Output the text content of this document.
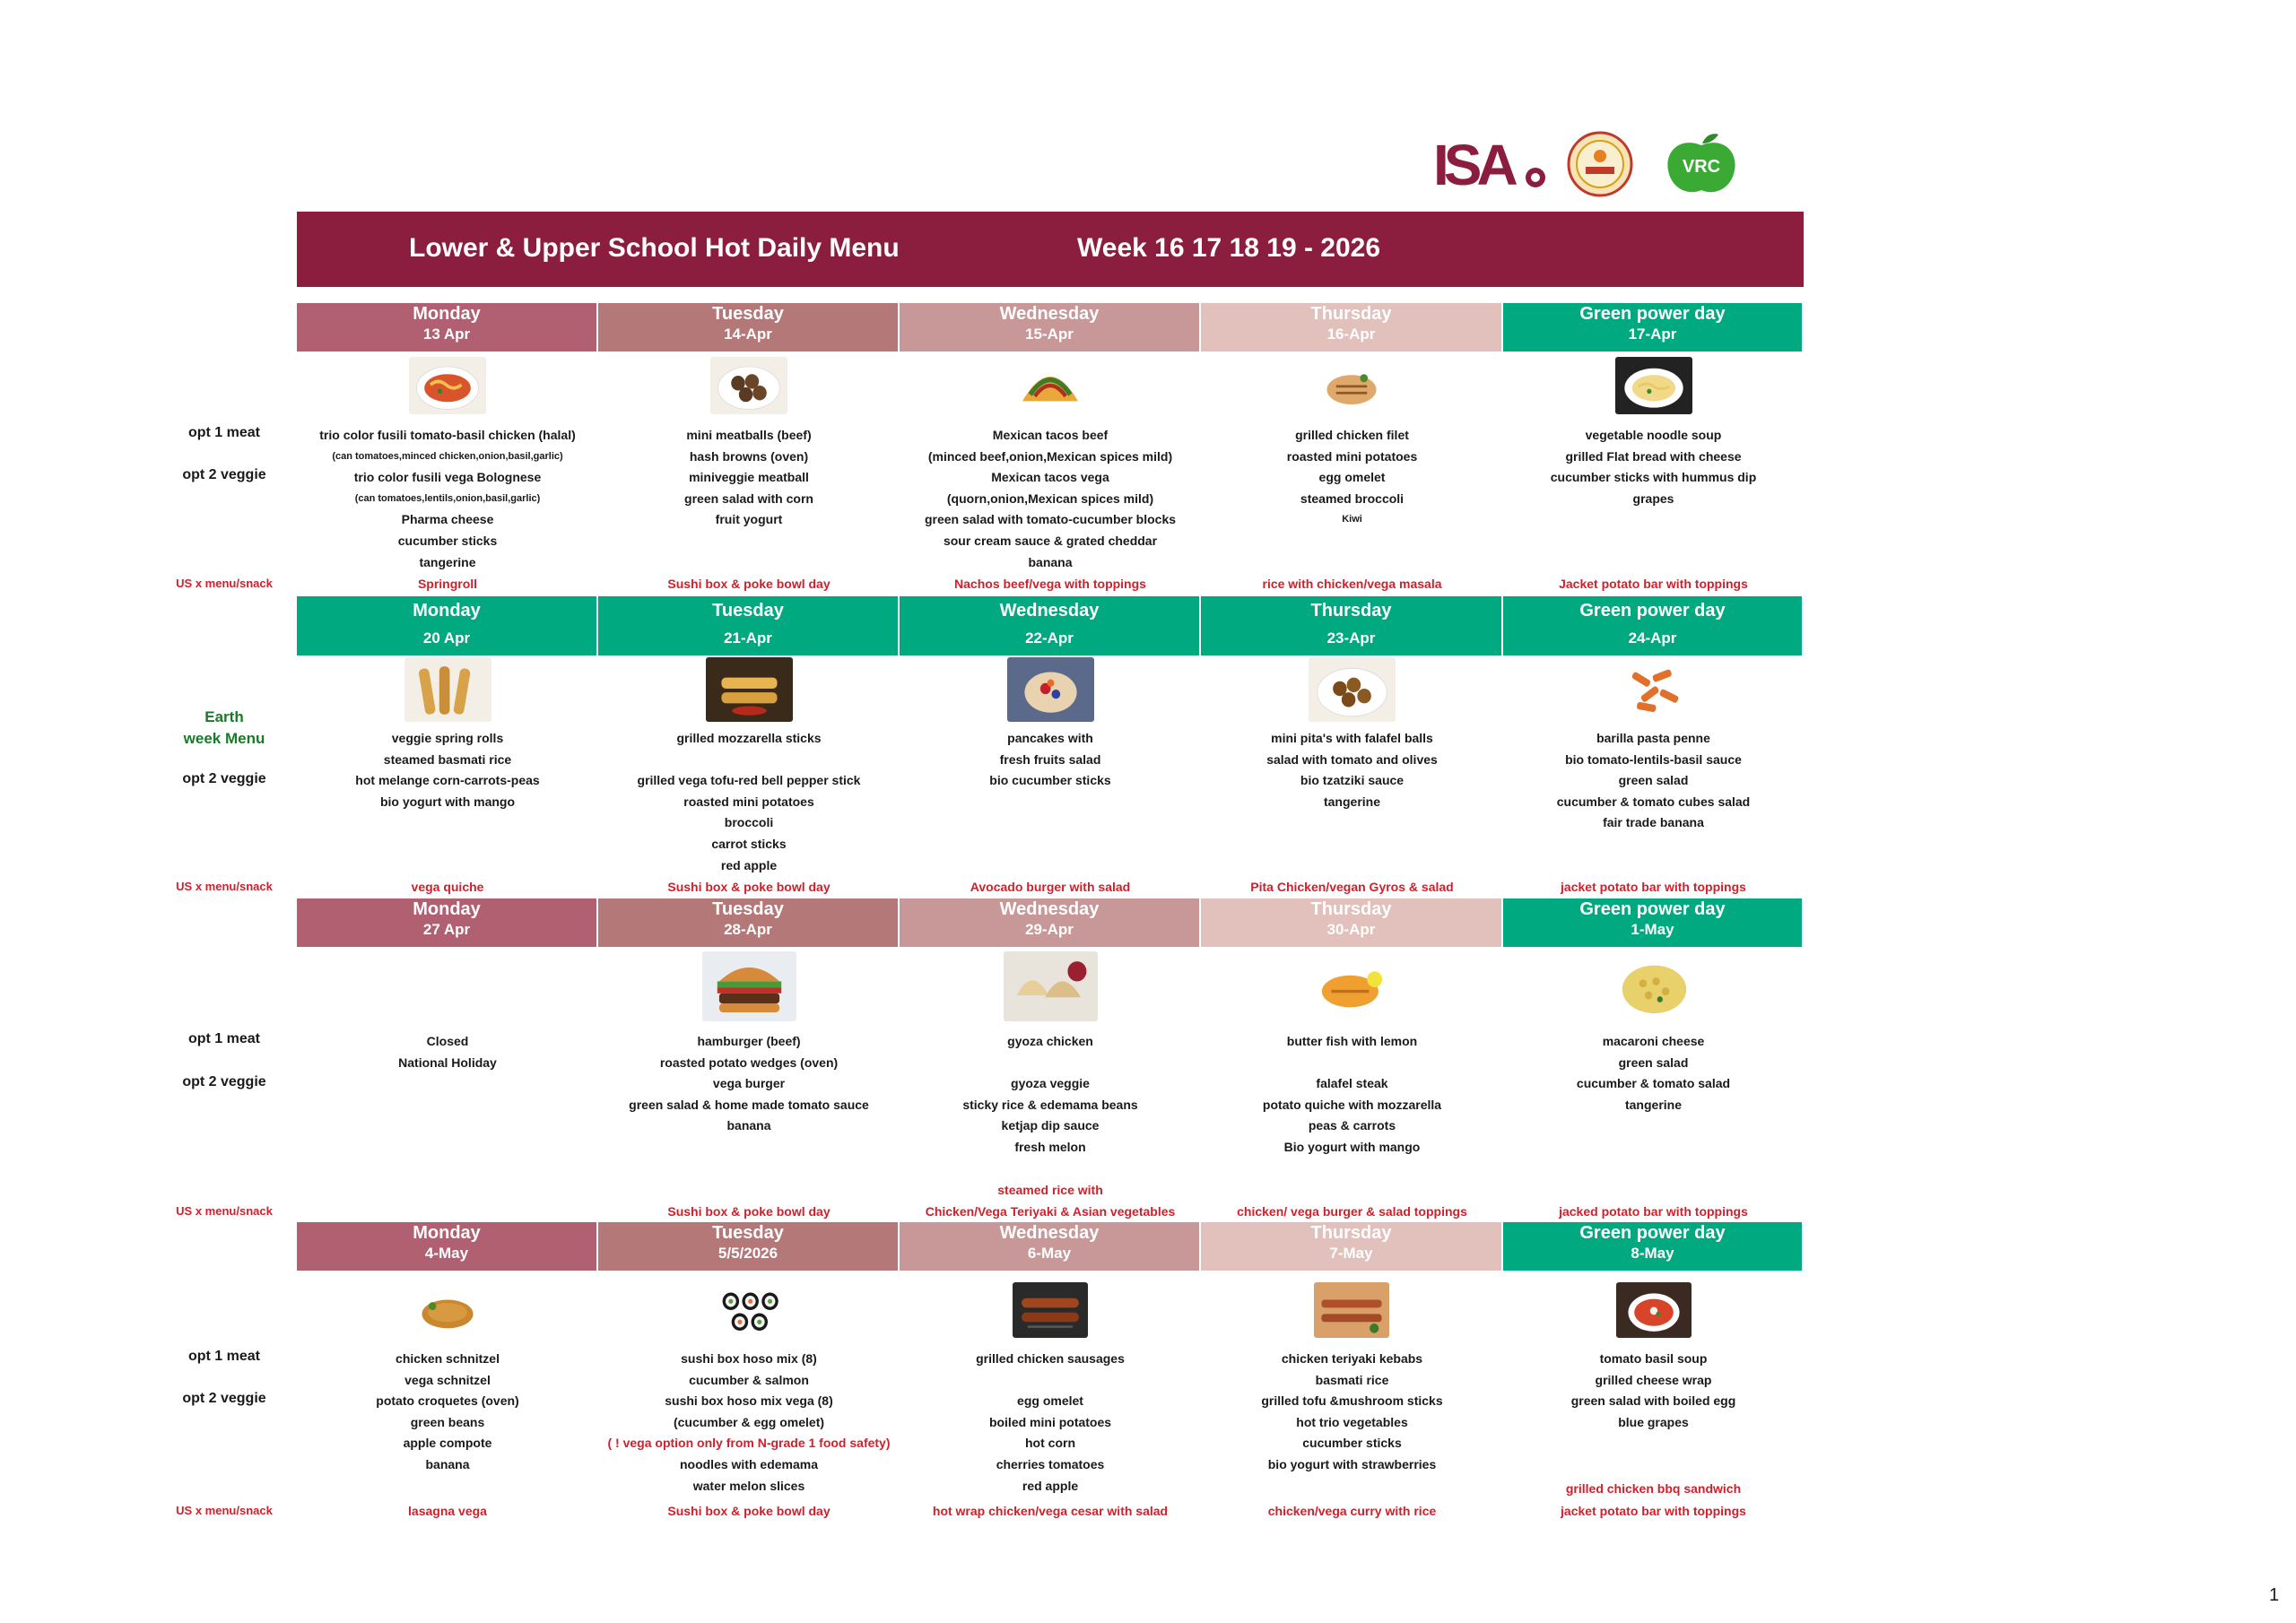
ISA	VRC
Lower & Upper School Hot Daily Menu	Week 16 17 18 19 - 2026
opt 1 meat
opt 2 veggie
US x menu/snack
Earth
week Menu
opt 2 veggie
US x menu/snack
opt 1 meat
opt 2 veggie
US x menu/snack
opt 1 meat
opt 2 veggie
US x menu/snack
Monday
13 Apr
trio color fusili tomato-basil chicken (halal)
(can tomatoes,minced chicken,onion,basil,garlic)
trio color fusili vega Bolognese
(can tomatoes,lentils,onion,basil,garlic)
Pharma cheese
cucumber sticks
tangerine
Springroll
Tuesday
14-Apr
mini meatballs (beef)
hash browns (oven)
miniveggie meatball
green salad with corn
fruit yogurt
Sushi box & poke bowl day
Wednesday
15-Apr
Mexican tacos beef
(minced beef,onion,Mexican spices mild)
Mexican tacos vega
(quorn,onion,Mexican spices mild)
green salad with tomato-cucumber blocks
sour cream sauce & grated cheddar
banana
Nachos beef/vega with toppings
Thursday
16-Apr
grilled chicken filet
roasted mini potatoes
egg omelet
steamed broccoli
Kiwi
rice with chicken/vega masala
Green power day
17-Apr
vegetable noodle soup
grilled Flat bread with cheese
cucumber sticks with hummus dip
grapes
Jacket potato bar with toppings
Monday
20 Apr
veggie spring rolls
steamed basmati rice
hot melange corn-carrots-peas
bio yogurt with mango
vega quiche
Tuesday
21-Apr
grilled mozzarella sticks

grilled vega tofu-red bell pepper stick
roasted mini potatoes
broccoli
carrot sticks
red apple
Sushi box & poke bowl day
Wednesday
22-Apr
pancakes with
fresh fruits salad
bio cucumber sticks
Avocado burger with salad
Thursday
23-Apr
mini pita's with falafel balls
salad with tomato and olives
bio tzatziki sauce
tangerine
Pita Chicken/vegan Gyros & salad
Green power day
24-Apr
barilla pasta penne
bio tomato-lentils-basil sauce
green salad
cucumber & tomato cubes salad
fair trade banana
jacket potato bar with toppings
Monday
27 Apr
Closed
National Holiday
Tuesday
28-Apr
hamburger (beef)
roasted potato wedges (oven)
vega burger
green salad & home made tomato sauce
banana
Sushi box & poke bowl day
Wednesday
29-Apr
gyoza chicken

gyoza veggie
sticky rice & edemama beans
ketjap dip sauce
fresh melon
steamed rice with
Chicken/Vega Teriyaki & Asian vegetables
Thursday
30-Apr
butter fish with lemon

falafel steak
potato quiche with mozzarella
peas & carrots
Bio yogurt with mango
chicken/ vega burger & salad toppings
Green power day
1-May
macaroni cheese
green salad
cucumber & tomato salad
tangerine
jacked potato bar with toppings
Monday
4-May
chicken schnitzel
vega schnitzel
potato croquetes (oven)
green beans
apple compote
banana
lasagna vega
Tuesday
5/5/2026
sushi box hoso mix (8)
cucumber & salmon
sushi box hoso mix vega (8)
(cucumber & egg omelet)
( ! vega option only from N-grade 1 food safety)
noodles with edemama
water melon slices
Sushi box & poke bowl day
Wednesday
6-May
grilled chicken sausages

egg omelet
boiled mini potatoes
hot corn
cherries tomatoes
red apple
hot wrap chicken/vega cesar with salad
Thursday
7-May
chicken teriyaki kebabs
basmati rice
grilled tofu &mushroom sticks
hot trio vegetables
cucumber sticks
bio yogurt with strawberries
chicken/vega curry with rice
Green power day
8-May
tomato basil soup
grilled cheese wrap
green salad with boiled egg
blue grapes
grilled chicken bbq sandwich
jacket potato bar with toppings
1
